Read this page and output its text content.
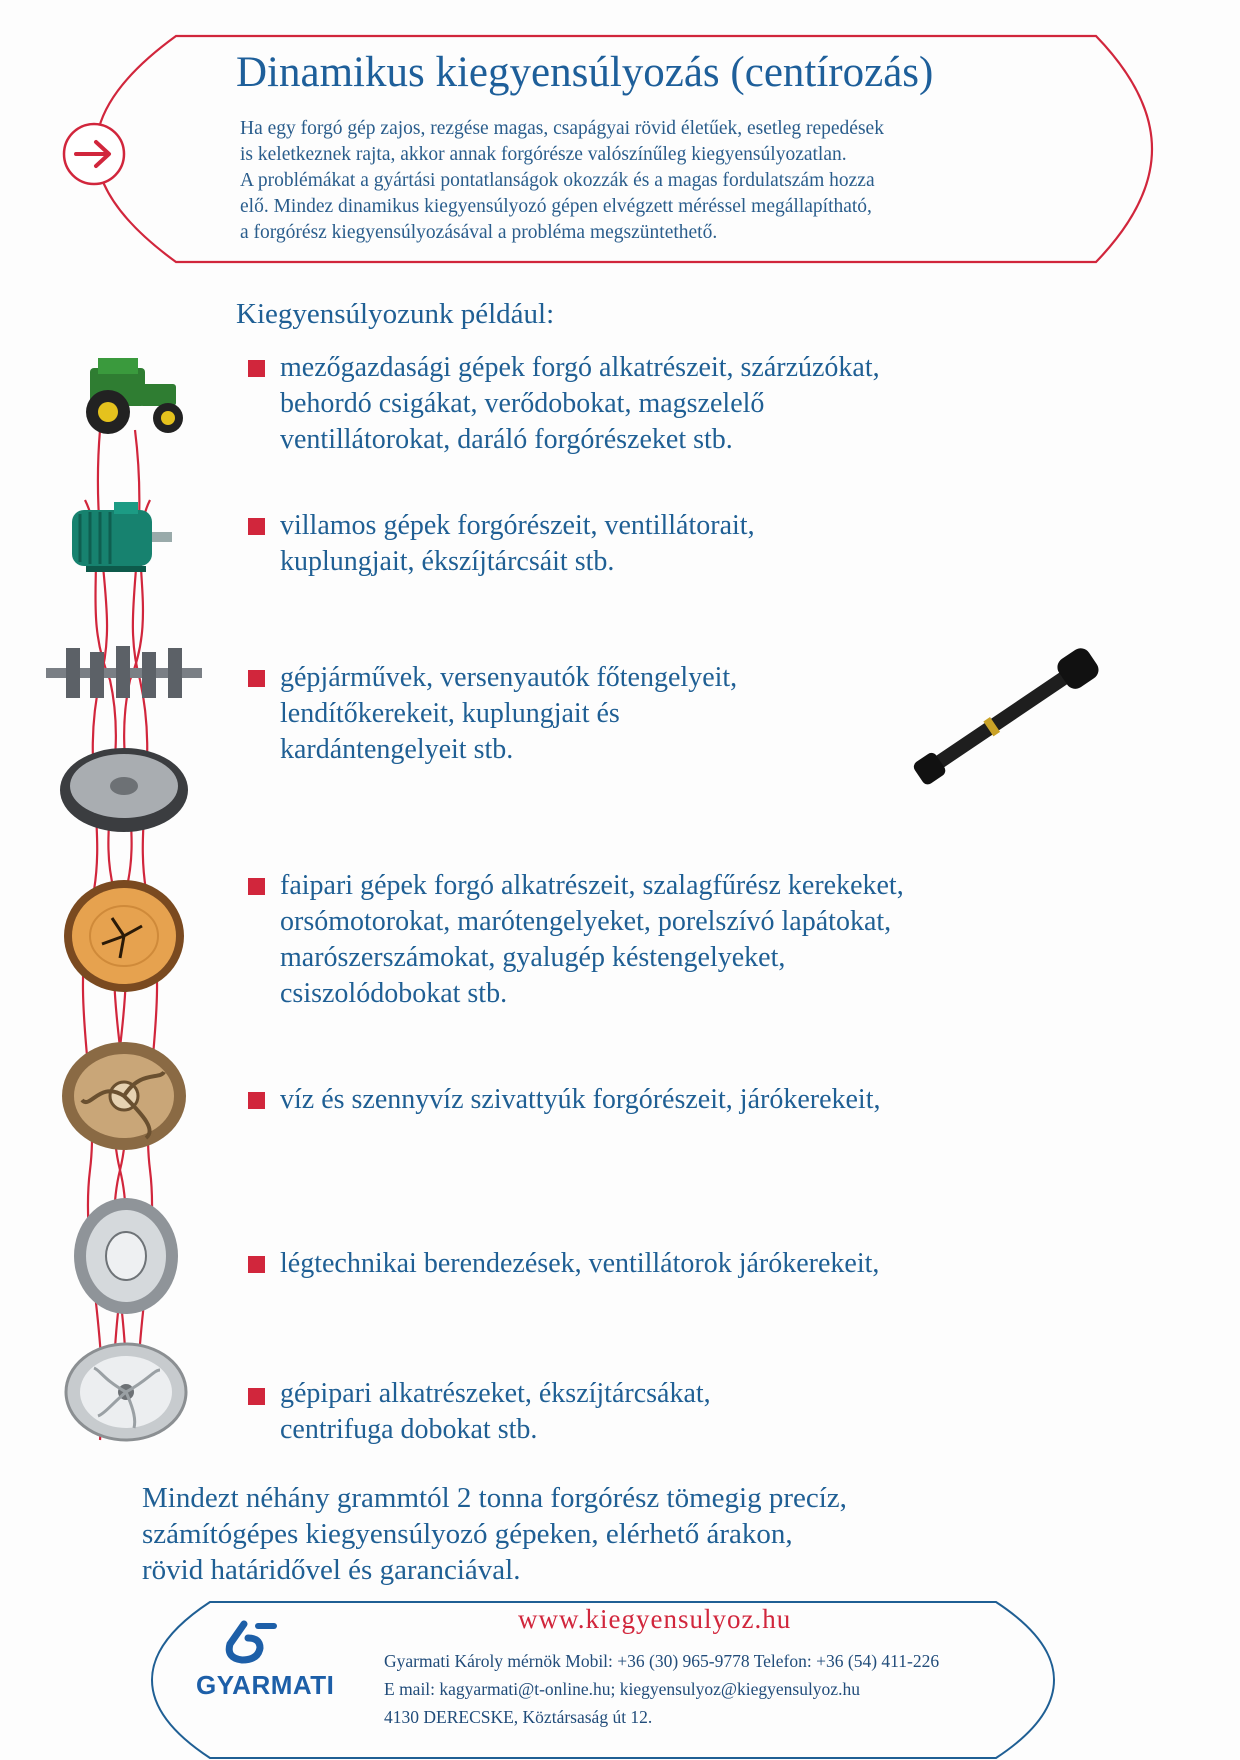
Dinamikus kiegyensúlyozás (centírozás)
Ha egy forgó gép zajos, rezgése magas, csapágyai rövid életűek, esetleg repedések
is keletkeznek rajta, akkor annak forgórésze valószínűleg kiegyensúlyozatlan.
A problémákat a gyártási pontatlanságok okozzák és a magas fordulatszám hozza
elő. Mindez dinamikus kiegyensúlyozó gépen elvégzett méréssel megállapítható,
a forgórész kiegyensúlyozásával a probléma megszüntethető.
Kiegyensúlyozunk például:
mezőgazdasági gépek forgó alkatrészeit, szárzúzókat,
behordó csigákat, verődobokat, magszelelő
ventillátorokat, daráló forgórészeket stb.
villamos gépek forgórészeit, ventillátorait,
kuplungjait, ékszíjtárcsáit stb.
gépjárművek, versenyautók főtengelyeit,
lendítőkerekeit, kuplungjait és
kardántengelyeit stb.
faipari gépek forgó alkatrészeit, szalagfűrész kerekeket,
orsómotorokat, marótengelyeket, porelszívó lapátokat,
marószerszámokat, gyalugép késtengelyeket,
csiszolódobokat stb.
víz és szennyvíz szivattyúk forgórészeit, járókerekeit,
légtechnikai berendezések, ventillátorok járókerekeit,
gépipari alkatrészeket, ékszíjtárcsákat,
centrifuga dobokat stb.
Mindezt néhány grammtól 2 tonna forgórész tömegig precíz,
számítógépes kiegyensúlyozó gépeken, elérhető árakon,
rövid határidővel és garanciával.
GYARMATI
www.kiegyensulyoz.hu
Gyarmati Károly mérnök Mobil: +36 (30) 965-9778 Telefon: +36 (54) 411-226
E mail: kagyarmati@t-online.hu; kiegyensulyoz@kiegyensulyoz.hu
4130 DERECSKE, Köztársaság út 12.
